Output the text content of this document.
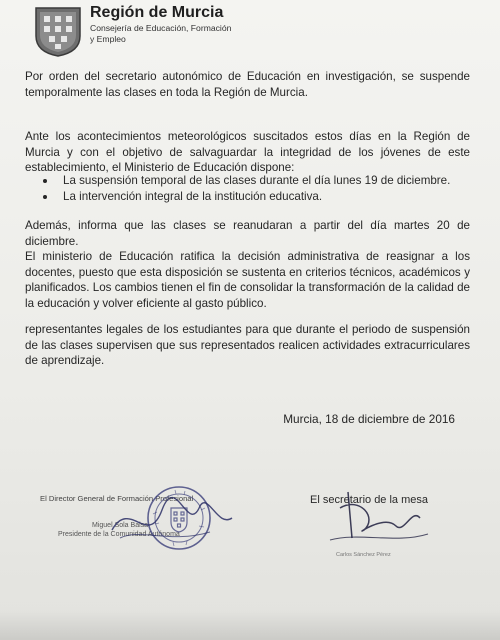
Región de Murcia
Consejería de Educación, Formación
y Empleo
Por orden del secretario autonómico de Educación en investigación, se suspende temporalmente las clases en toda la Región de Murcia.
Ante los acontecimientos meteorológicos suscitados estos días en la Región de Murcia y con el objetivo de salvaguardar la integridad de los jóvenes de este establecimiento, el Ministerio de Educación dispone:
La suspensión temporal de las clases durante el día lunes 19 de diciembre.
La intervención integral de la institución educativa.
Además, informa que las clases se reanudaran a partir del día martes 20 de diciembre.
El ministerio de Educación ratifica la decisión administrativa de reasignar a los docentes, puesto que esta disposición se sustenta en criterios técnicos, académicos y planificados. Los cambios tienen el fin de consolidar la transformación de la calidad de la educación y volver eficiente al gasto público.
representantes legales de los estudiantes para que durante el periodo de suspensión de las clases supervisen que sus representados realicen actividades extracurriculares de aprendizaje.
Murcia, 18 de diciembre de 2016
El Director General de Formación Profesional
Miguel Sola Balsa
Presidente de la Comunidad Autónoma
El secretario de la mesa
Carlos Sánchez Pérez
